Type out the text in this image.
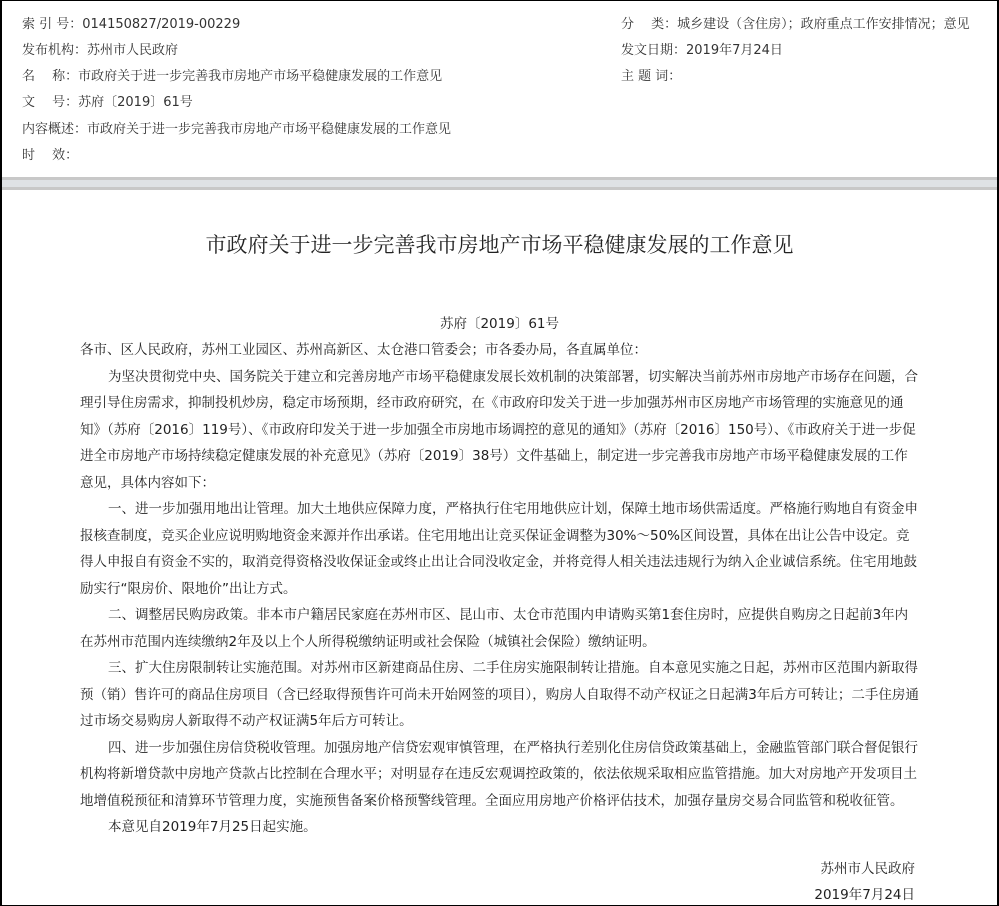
索 引 号：014150827/2019-00229
发布机构：苏州市人民政府
名　 称：市政府关于进一步完善我市房地产市场平稳健康发展的工作意见
文　 号：苏府〔2019〕61号
内容概述：市政府关于进一步完善我市房地产市场平稳健康发展的工作意见
时　 效：
分　 类：城乡建设（含住房）；政府重点工作安排情况；意见
发文日期：2019年7月24日
主 题 词：
市政府关于进一步完善我市房地产市场平稳健康发展的工作意见
苏府〔2019〕61号

各市、区人民政府，苏州工业园区、苏州高新区、太仓港口管委会；市各委办局，各直属单位：

为坚决贯彻党中央、国务院关于建立和完善房地产市场平稳健康发展长效机制的决策部署，切实解决当前苏州市房地产市场存在问题，合理引导住房需求，抑制投机炒房，稳定市场预期，经市政府研究，在《市政府印发关于进一步加强苏州市区房地产市场管理的实施意见的通知》（苏府〔2016〕119号）、《市政府印发关于进一步加强全市房地市场调控的意见的通知》（苏府〔2016〕150号）、《市政府关于进一步促进全市房地产市场持续稳定健康发展的补充意见》（苏府〔2019〕38号）文件基础上，制定进一步完善我市房地产市场平稳健康发展的工作意见，具体内容如下：

一、进一步加强用地出让管理。加大土地供应保障力度，严格执行住宅用地供应计划，保障土地市场供需适度。严格施行购地自有资金申报核查制度，竞买企业应说明购地资金来源并作出承诺。住宅用地出让竞买保证金调整为30%～50%区间设置，具体在出让公告中设定。竞得人申报自有资金不实的，取消竞得资格没收保证金或终止出让合同没收定金，并将竞得人相关违法违规行为纳入企业诚信系统。住宅用地鼓励实行“限房价、限地价”出让方式。

二、调整居民购房政策。非本市户籍居民家庭在苏州市区、昆山市、太仓市范围内申请购买第1套住房时，应提供自购房之日起前3年内在苏州市范围内连续缴纳2年及以上个人所得税缴纳证明或社会保险（城镇社会保险）缴纳证明。

三、扩大住房限制转让实施范围。对苏州市区新建商品住房、二手住房实施限制转让措施。自本意见实施之日起，苏州市区范围内新取得预（销）售许可的商品住房项目（含已经取得预售许可尚未开始网签的项目），购房人自取得不动产权证之日起满3年后方可转让；二手住房通过市场交易购房人新取得不动产权证满5年后方可转让。

四、进一步加强住房信贷税收管理。加强房地产信贷宏观审慎管理，在严格执行差别化住房信贷政策基础上，金融监管部门联合督促银行机构将新增贷款中房地产贷款占比控制在合理水平；对明显存在违反宏观调控政策的，依法依规采取相应监管措施。加大对房地产开发项目土地增值税预征和清算环节管理力度，实施预售备案价格预警线管理。全面应用房地产价格评估技术，加强存量房交易合同监管和税收征管。

本意见自2019年7月25日起实施。

苏州市人民政府
2019年7月24日
